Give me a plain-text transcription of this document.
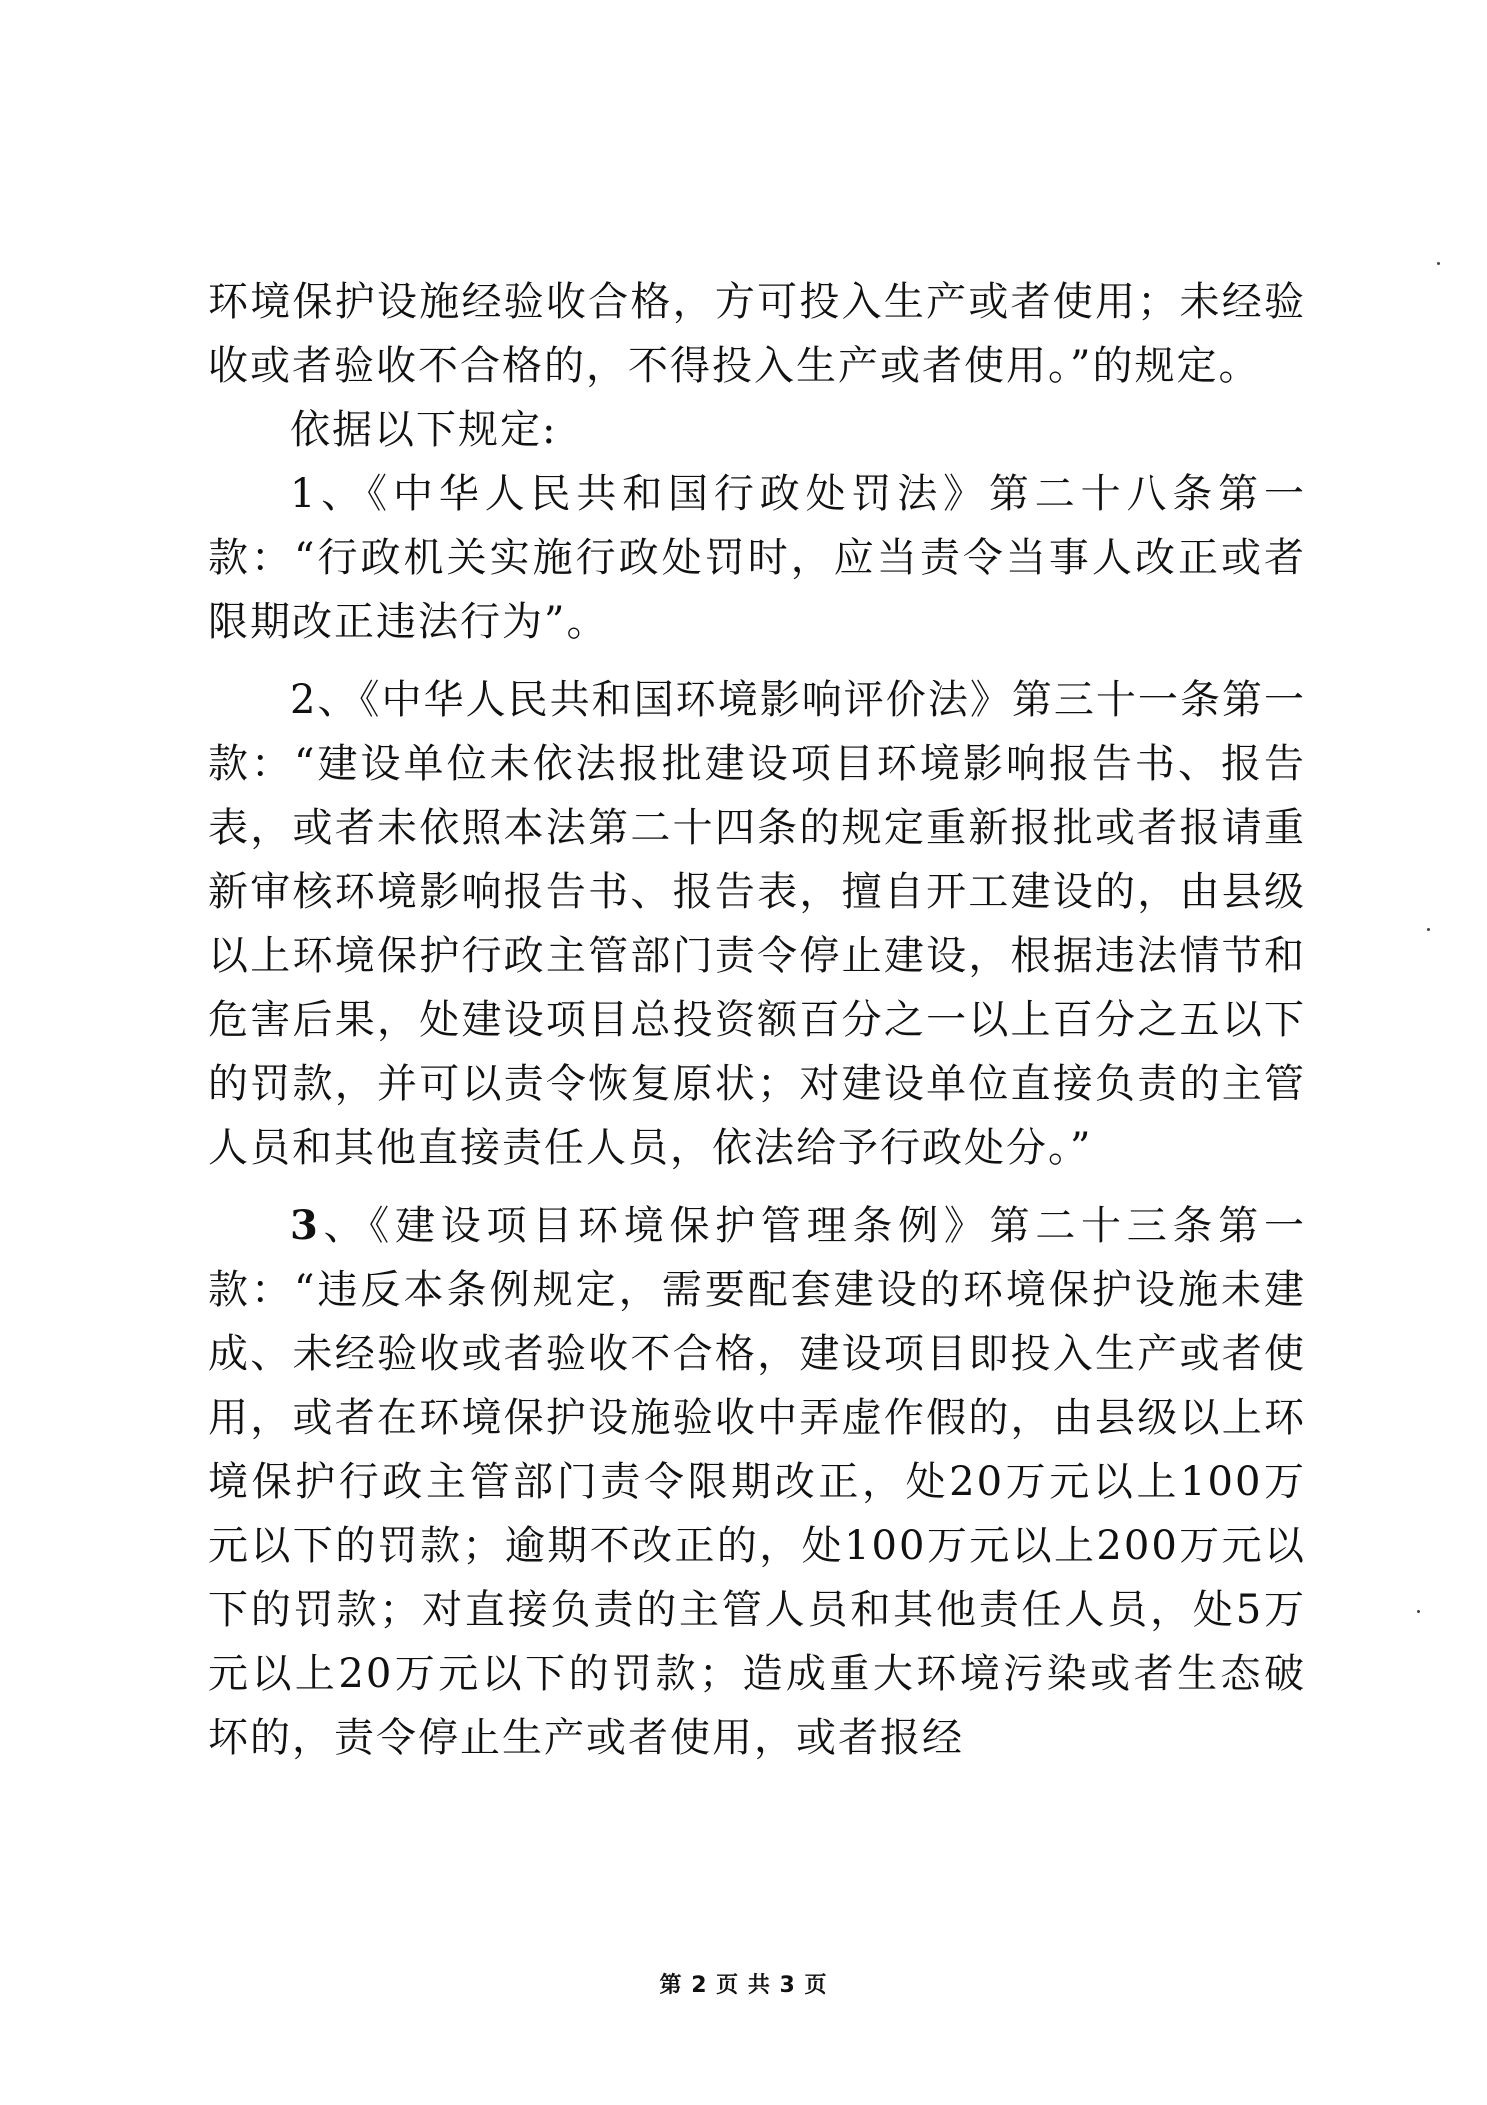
环境保护设施经验收合格，方可投入生产或者使用；未经验收或者验收不合格的，不得投入生产或者使用。”的规定。

依据以下规定:

1、《中华人民共和国行政处罚法》第二十八条第一款：“行政机关实施行政处罚时，应当责令当事人改正或者限期改正违法行为”。

2、《中华人民共和国环境影响评价法》第三十一条第一款：“建设单位未依法报批建设项目环境影响报告书、报告表，或者未依照本法第二十四条的规定重新报批或者报请重新审核环境影响报告书、报告表，擅自开工建设的，由县级以上环境保护行政主管部门责令停止建设，根据违法情节和危害后果，处建设项目总投资额百分之一以上百分之五以下的罚款，并可以责令恢复原状；对建设单位直接负责的主管人员和其他直接责任人员，依法给予行政处分。”

3、《建设项目环境保护管理条例》第二十三条第一款：“违反本条例规定，需要配套建设的环境保护设施未建成、未经验收或者验收不合格，建设项目即投入生产或者使用，或者在环境保护设施验收中弄虚作假的，由县级以上环境保护行政主管部门责令限期改正，处20万元以上100万元以下的罚款；逾期不改正的，处100万元以上200万元以下的罚款；对直接负责的主管人员和其他责任人员，处5万元以上20万元以下的罚款；造成重大环境污染或者生态破坏的，责令停止生产或者使用，或者报经

第 2 页 共 3 页
